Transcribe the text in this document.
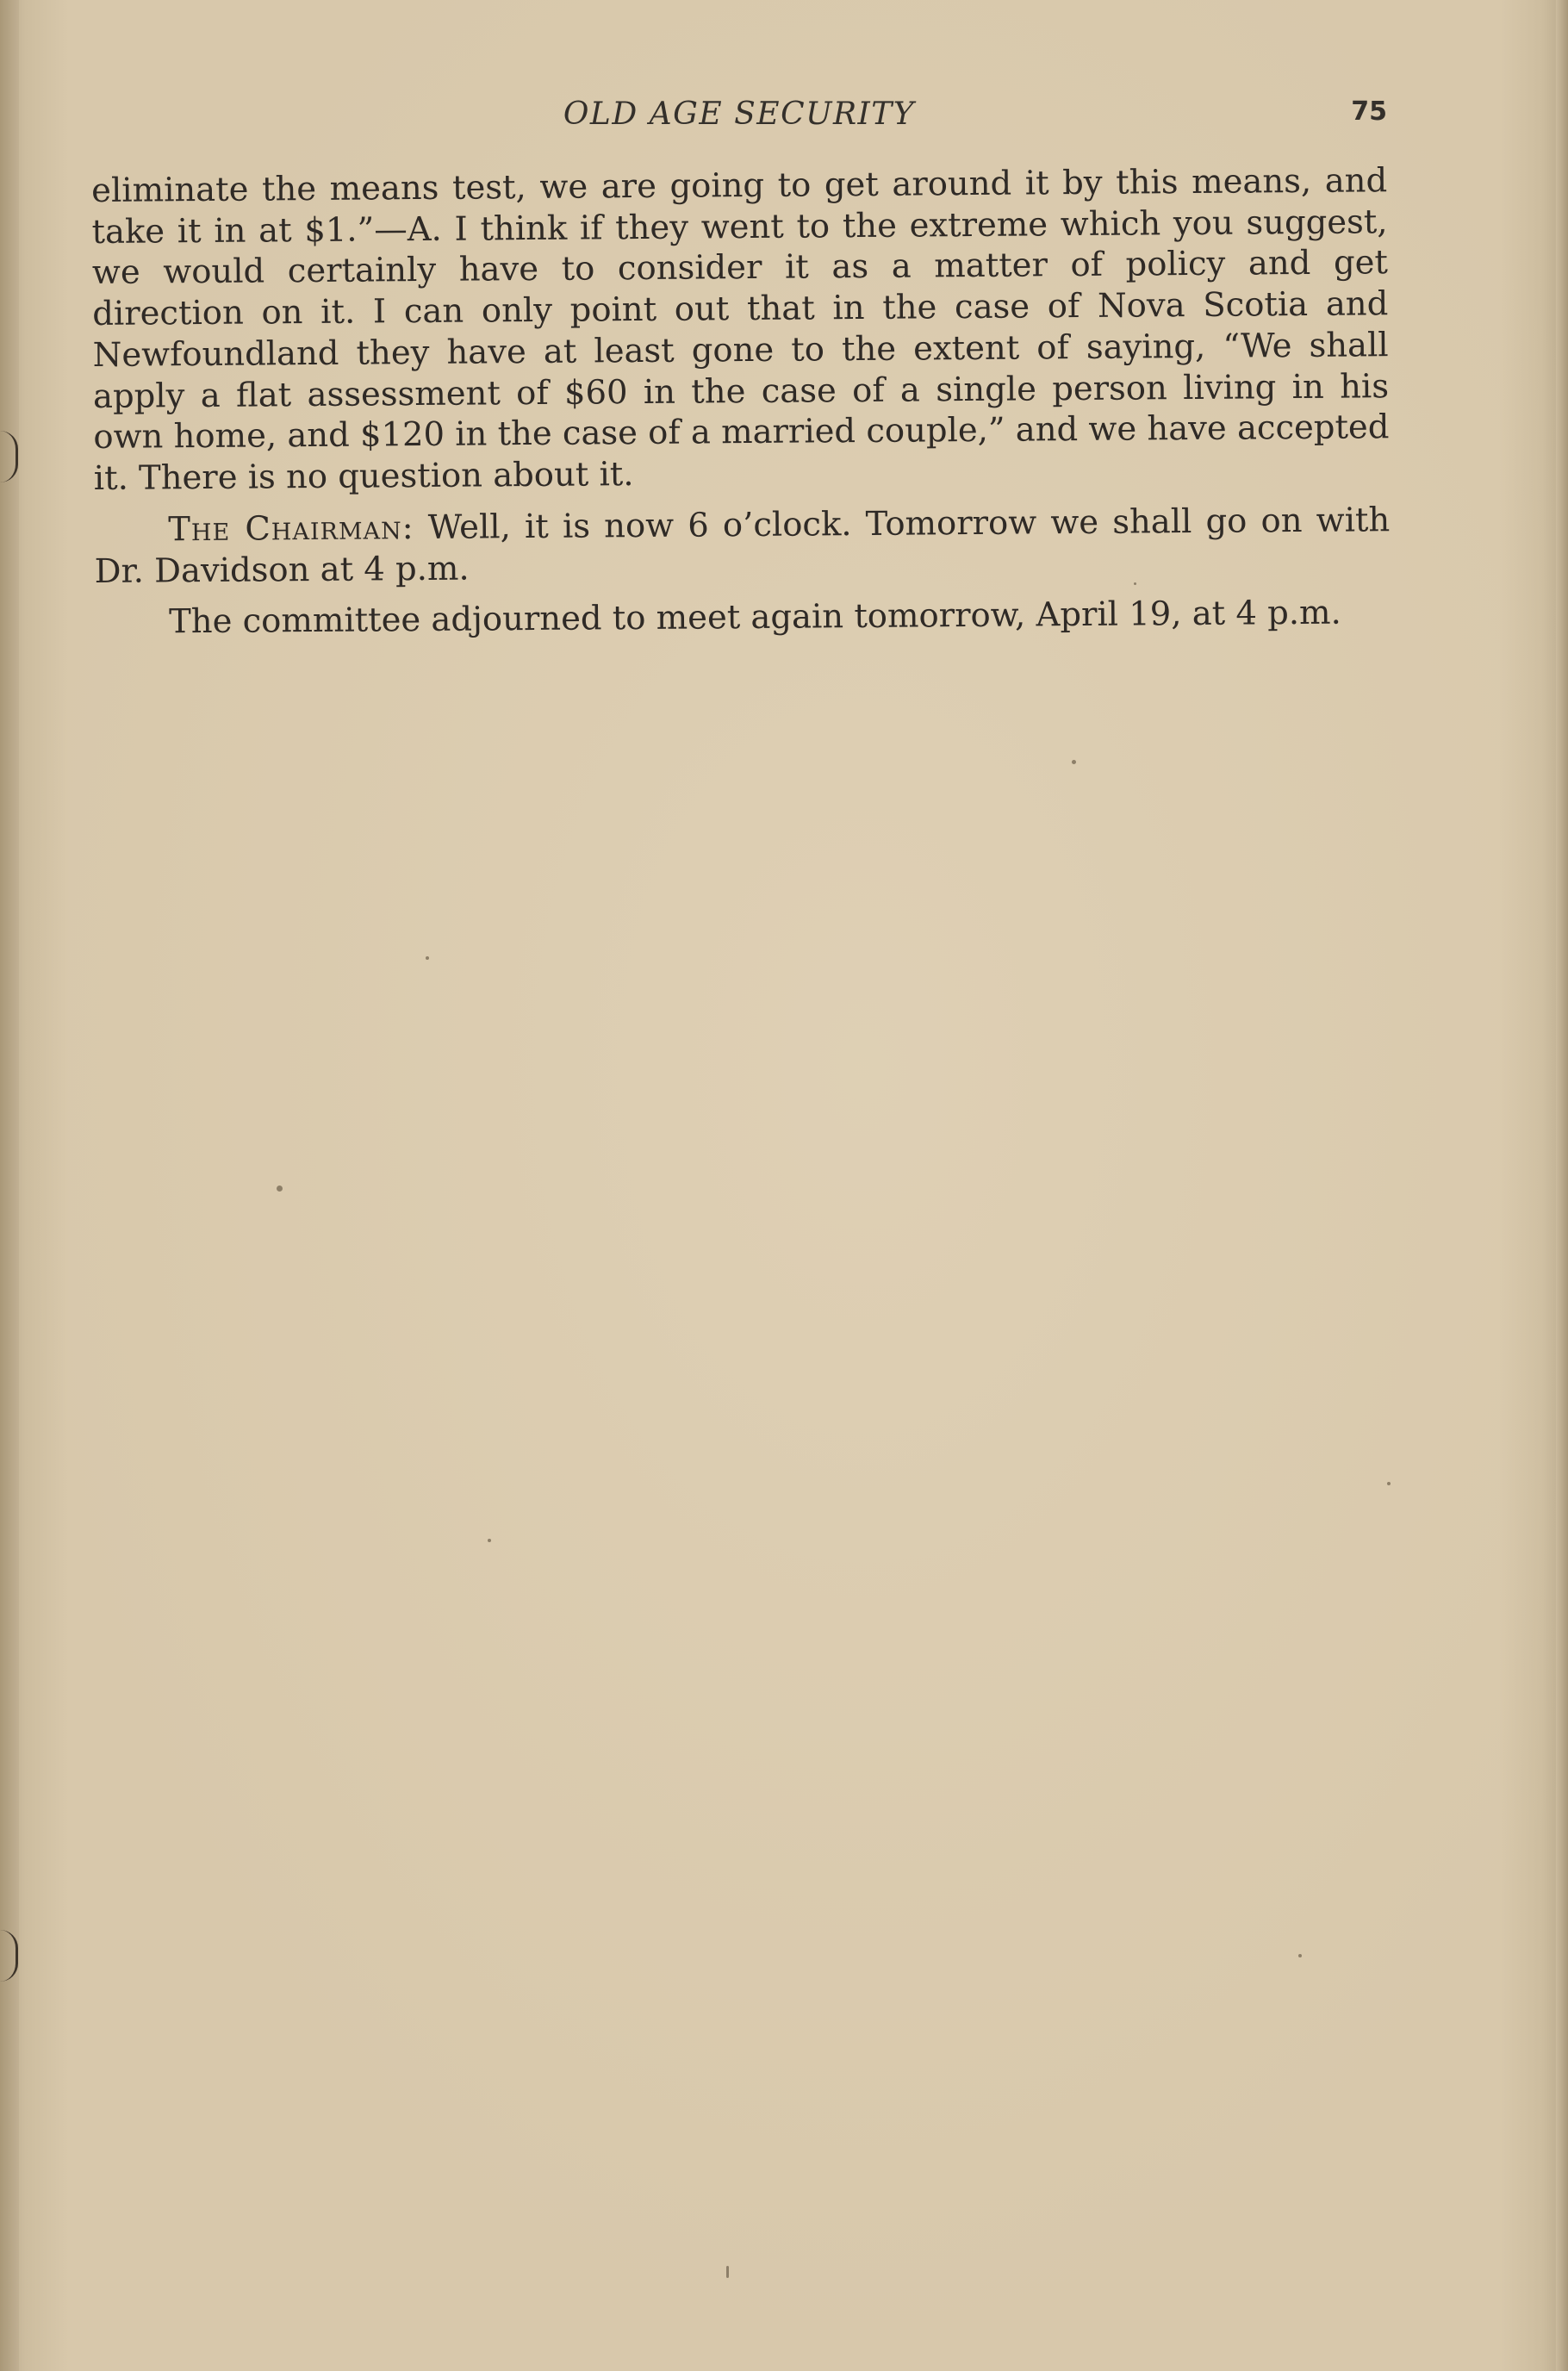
OLD AGE SECURITY	75

eliminate the means test, we are going to get around it by this means, and take it in at $1.”—A. I think if they went to the extreme which you suggest, we would certainly have to consider it as a matter of policy and get direction on it. I can only point out that in the case of Nova Scotia and Newfoundland they have at least gone to the extent of saying, “We shall apply a flat assessment of $60 in the case of a single person living in his own home, and $120 in the case of a married couple,” and we have accepted it. There is no question about it.

The Chairman: Well, it is now 6 o’clock. Tomorrow we shall go on with Dr. Davidson at 4 p.m.

The committee adjourned to meet again tomorrow, April 19, at 4 p.m.
